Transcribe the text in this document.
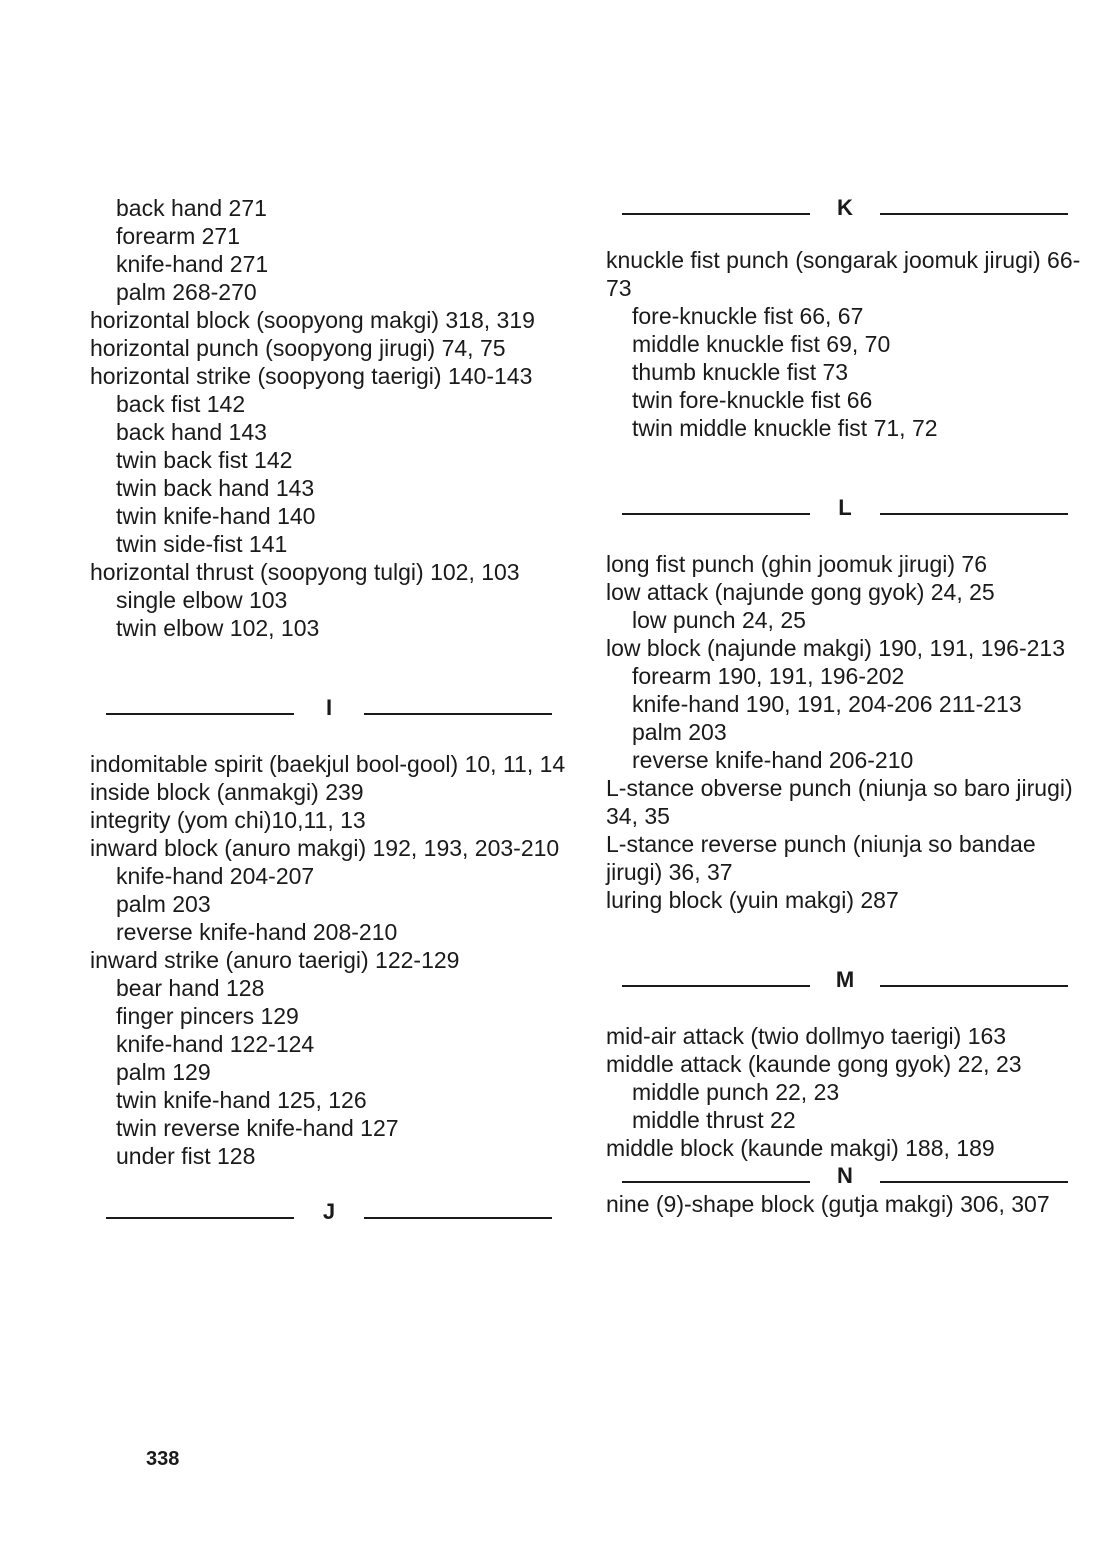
back hand 271
forearm 271
knife-hand 271
palm 268-270
horizontal block (soopyong makgi) 318, 319
horizontal punch (soopyong jirugi) 74, 75
horizontal strike (soopyong taerigi) 140-143
back fist 142
back hand 143
twin back fist 142
twin back hand 143
twin knife-hand 140
twin side-fist 141
horizontal thrust (soopyong tulgi) 102, 103
single elbow 103
twin elbow 102, 103
I
indomitable spirit (baekjul bool-gool) 10, 11, 14
inside block (anmakgi) 239
integrity (yom chi)10,11, 13
inward block (anuro makgi) 192, 193, 203-210
knife-hand 204-207
palm 203
reverse knife-hand 208-210
inward strike (anuro taerigi) 122-129
bear hand 128
finger pincers 129
knife-hand 122-124
palm 129
twin knife-hand 125, 126
twin reverse knife-hand 127
under fist 128
J
K
knuckle fist punch (songarak joomuk jirugi) 66-73
fore-knuckle fist 66, 67
middle knuckle fist 69, 70
thumb knuckle fist 73
twin fore-knuckle fist 66
twin middle knuckle fist 71, 72
L
long fist punch (ghin joomuk jirugi) 76
low attack (najunde gong gyok) 24, 25
low punch 24, 25
low block (najunde makgi) 190, 191, 196-213
forearm 190, 191, 196-202
knife-hand 190, 191, 204-206 211-213
palm 203
reverse knife-hand 206-210
L-stance obverse punch (niunja so baro jirugi) 34, 35
L-stance reverse punch (niunja so bandae jirugi) 36, 37
luring block (yuin makgi) 287
M
mid-air attack (twio dollmyo taerigi) 163
middle attack (kaunde gong gyok) 22, 23
middle punch 22, 23
middle thrust 22
middle block (kaunde makgi) 188, 189
N
nine (9)-shape block (gutja makgi) 306, 307
338
